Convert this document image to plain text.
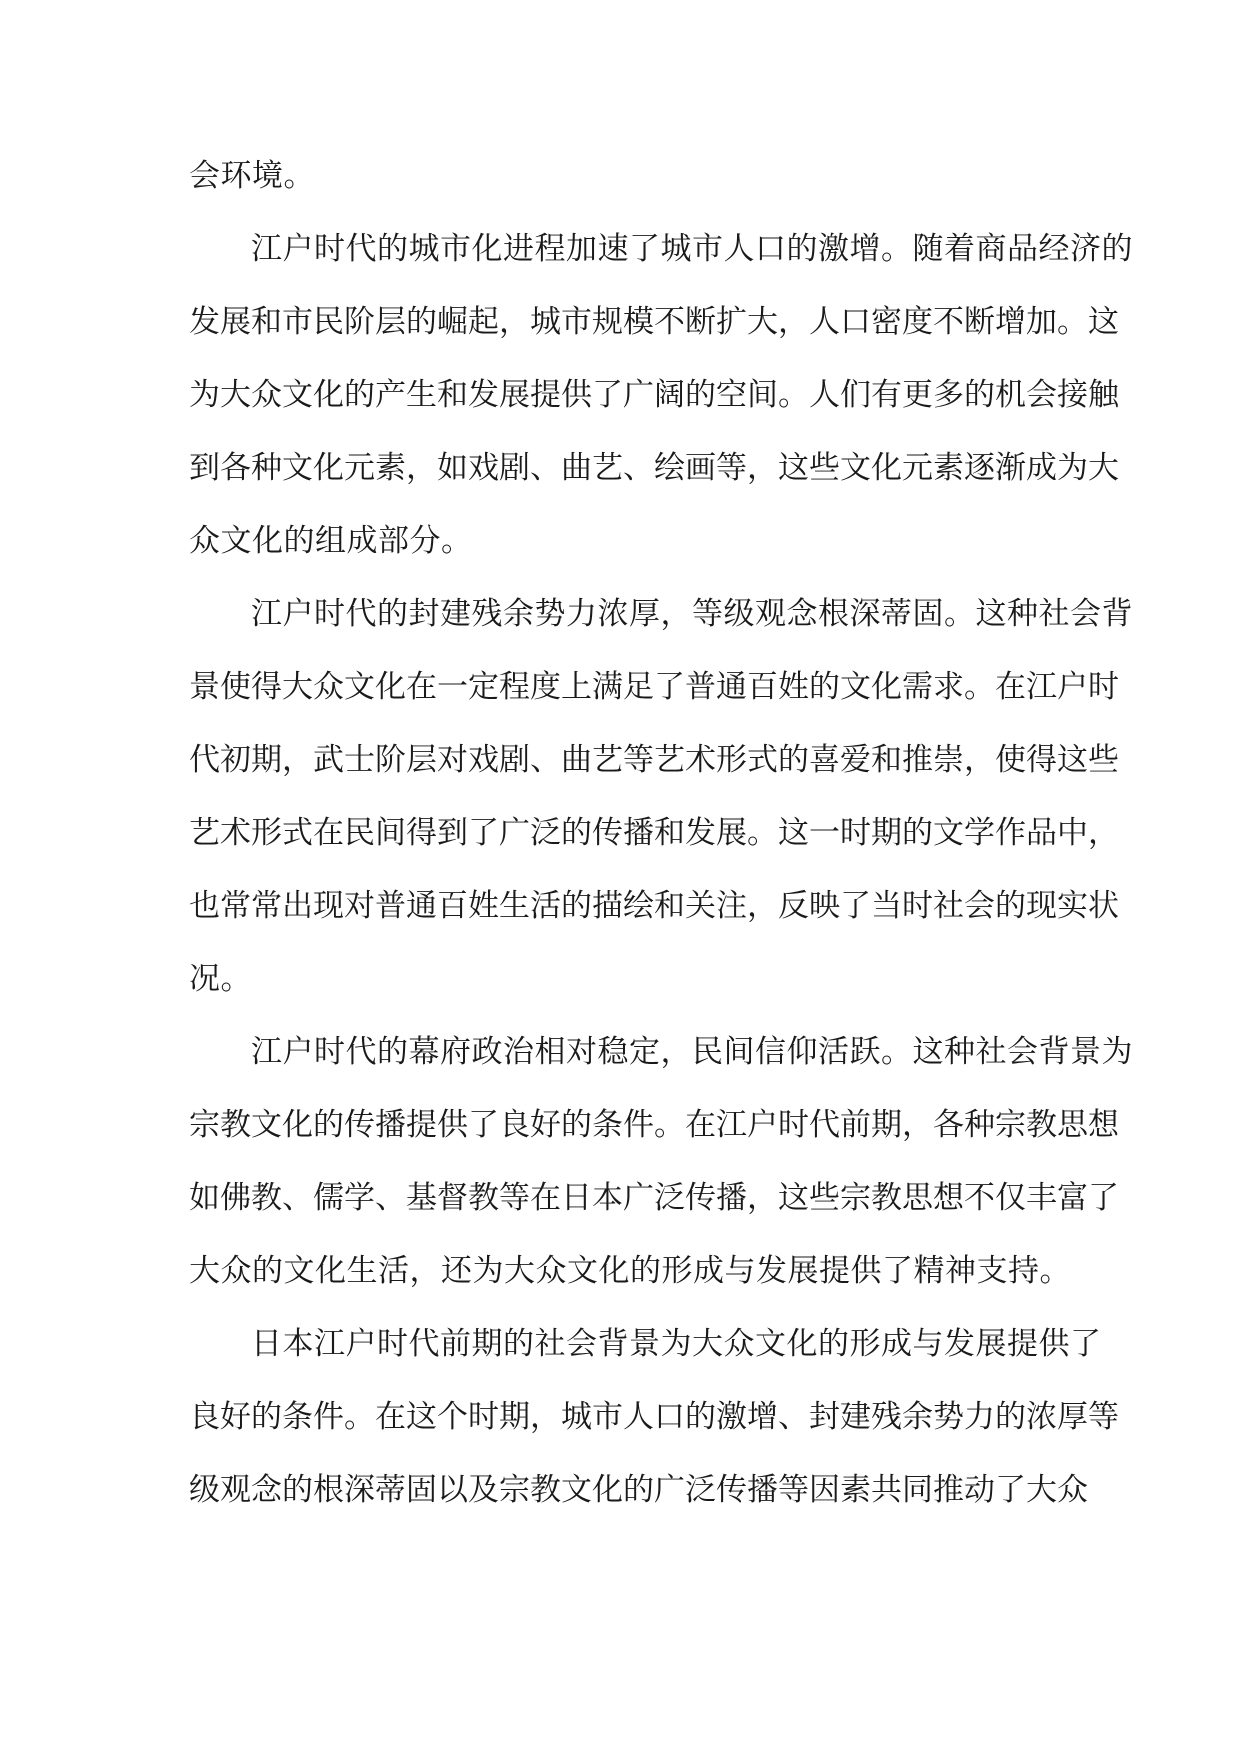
会环境。
江户时代的城市化进程加速了城市人口的激增。随着商品经济的
发展和市民阶层的崛起，城市规模不断扩大，人口密度不断增加。这
为大众文化的产生和发展提供了广阔的空间。人们有更多的机会接触
到各种文化元素，如戏剧、曲艺、绘画等，这些文化元素逐渐成为大
众文化的组成部分。
江户时代的封建残余势力浓厚，等级观念根深蒂固。这种社会背
景使得大众文化在一定程度上满足了普通百姓的文化需求。在江户时
代初期，武士阶层对戏剧、曲艺等艺术形式的喜爱和推崇，使得这些
艺术形式在民间得到了广泛的传播和发展。这一时期的文学作品中，
也常常出现对普通百姓生活的描绘和关注，反映了当时社会的现实状
况。
江户时代的幕府政治相对稳定，民间信仰活跃。这种社会背景为
宗教文化的传播提供了良好的条件。在江户时代前期，各种宗教思想
如佛教、儒学、基督教等在日本广泛传播，这些宗教思想不仅丰富了
大众的文化生活，还为大众文化的形成与发展提供了精神支持。
日本江户时代前期的社会背景为大众文化的形成与发展提供了
良好的条件。在这个时期，城市人口的激增、封建残余势力的浓厚等
级观念的根深蒂固以及宗教文化的广泛传播等因素共同推动了大众
